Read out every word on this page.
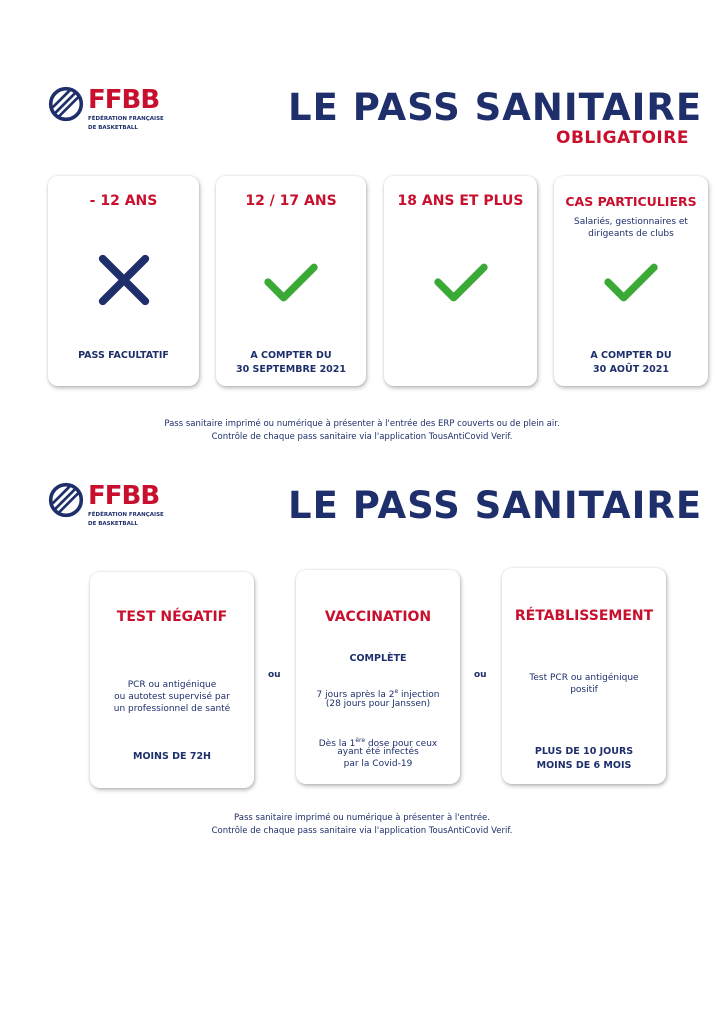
FFBB
FÉDÉRATION FRANÇAISE
DE BASKETBALL	LE PASS SANITAIRE
OBLIGATOIRE
- 12 ANS
PASS FACULTATIF
12 / 17 ANS
A COMPTER DU
30 SEPTEMBRE 2021
18 ANS ET PLUS	CAS PARTICULIERS
Salariés, gestionnaires et
dirigeants de clubs
A COMPTER DU
30 AOÛT 2021
Pass sanitaire imprimé ou numérique à présenter à l'entrée des ERP couverts ou de plein air.
Contrôle de chaque pass sanitaire via l'application TousAntiCovid Verif.
FFBB
FÉDÉRATION FRANÇAISE
DE BASKETBALL	LE PASS SANITAIRE
TEST NÉGATIF
PCR ou antigénique
ou autotest supervisé par
un professionnel de santé
MOINS DE 72H
ou
VACCINATION
COMPLÈTE
7 jours après la 2e injection
(28 jours pour Janssen)
Dès la 1ère dose pour ceux
ayant été infectés
par la Covid-19
ou
RÉTABLISSEMENT
Test PCR ou antigénique
positif
PLUS DE 10 JOURS
MOINS DE 6 MOIS
Pass sanitaire imprimé ou numérique à présenter à l'entrée.
Contrôle de chaque pass sanitaire via l'application TousAntiCovid Verif.
